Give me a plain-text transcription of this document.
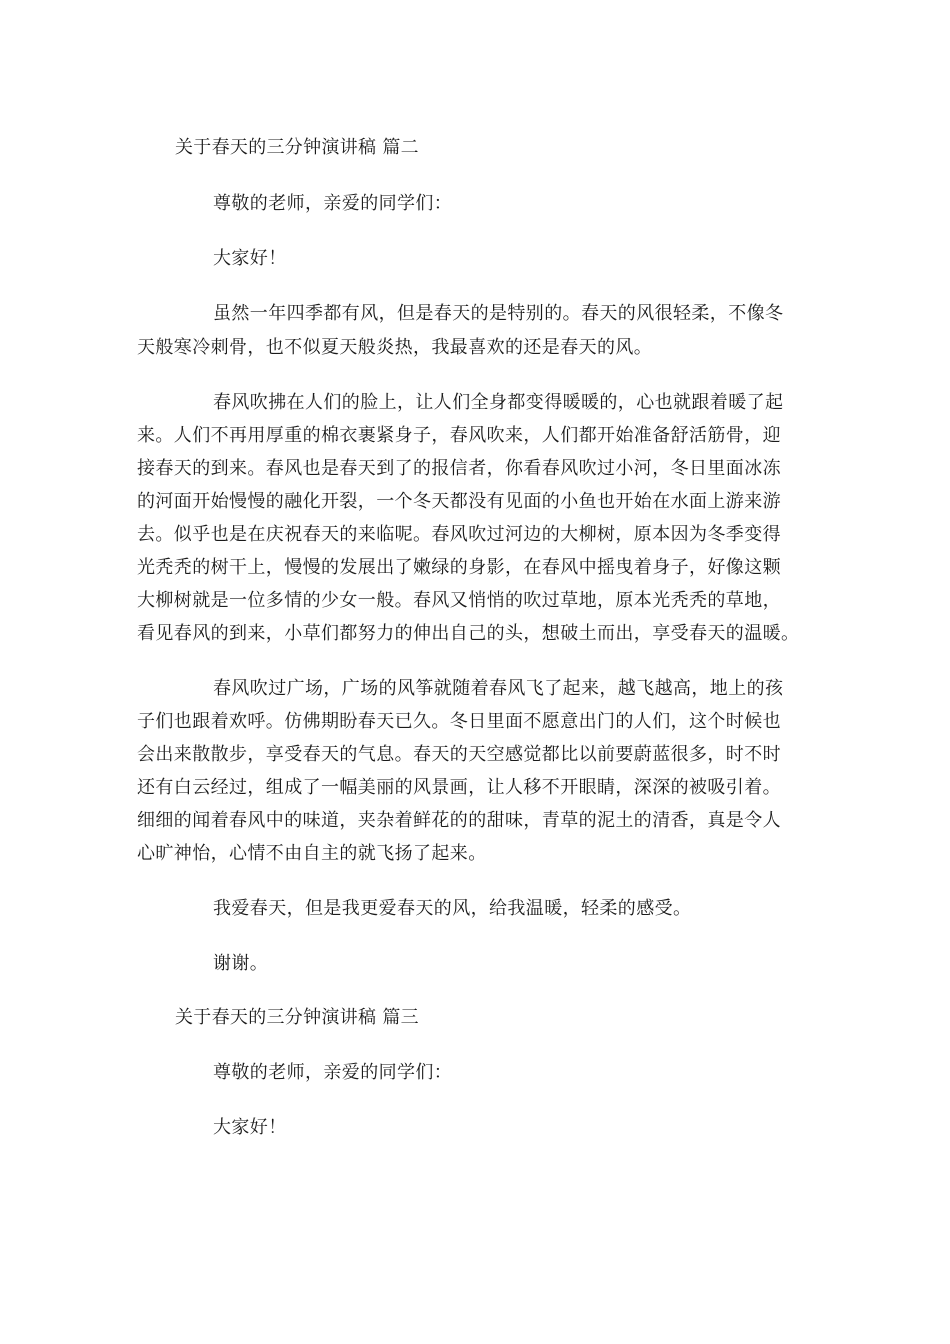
关于春天的三分钟演讲稿 篇二
尊敬的老师，亲爱的同学们：
大家好！
虽然一年四季都有风，但是春天的是特别的。春天的风很轻柔，不像冬
天般寒冷刺骨，也不似夏天般炎热，我最喜欢的还是春天的风。
春风吹拂在人们的脸上，让人们全身都变得暖暖的，心也就跟着暖了起
来。人们不再用厚重的棉衣裹紧身子，春风吹来，人们都开始准备舒活筋骨，迎
接春天的到来。春风也是春天到了的报信者，你看春风吹过小河，冬日里面冰冻
的河面开始慢慢的融化开裂，一个冬天都没有见面的小鱼也开始在水面上游来游
去。似乎也是在庆祝春天的来临呢。春风吹过河边的大柳树，原本因为冬季变得
光秃秃的树干上，慢慢的发展出了嫩绿的身影，在春风中摇曳着身子，好像这颗
大柳树就是一位多情的少女一般。春风又悄悄的吹过草地，原本光秃秃的草地，
看见春风的到来，小草们都努力的伸出自己的头，想破土而出，享受春天的温暖。
春风吹过广场，广场的风筝就随着春风飞了起来，越飞越高，地上的孩
子们也跟着欢呼。仿佛期盼春天已久。冬日里面不愿意出门的人们，这个时候也
会出来散散步，享受春天的气息。春天的天空感觉都比以前要蔚蓝很多，时不时
还有白云经过，组成了一幅美丽的风景画，让人移不开眼睛，深深的被吸引着。
细细的闻着春风中的味道，夹杂着鲜花的的甜味，青草的泥土的清香，真是令人
心旷神怡，心情不由自主的就飞扬了起来。
我爱春天，但是我更爱春天的风，给我温暖，轻柔的感受。
谢谢。
关于春天的三分钟演讲稿 篇三
尊敬的老师，亲爱的同学们：
大家好！
